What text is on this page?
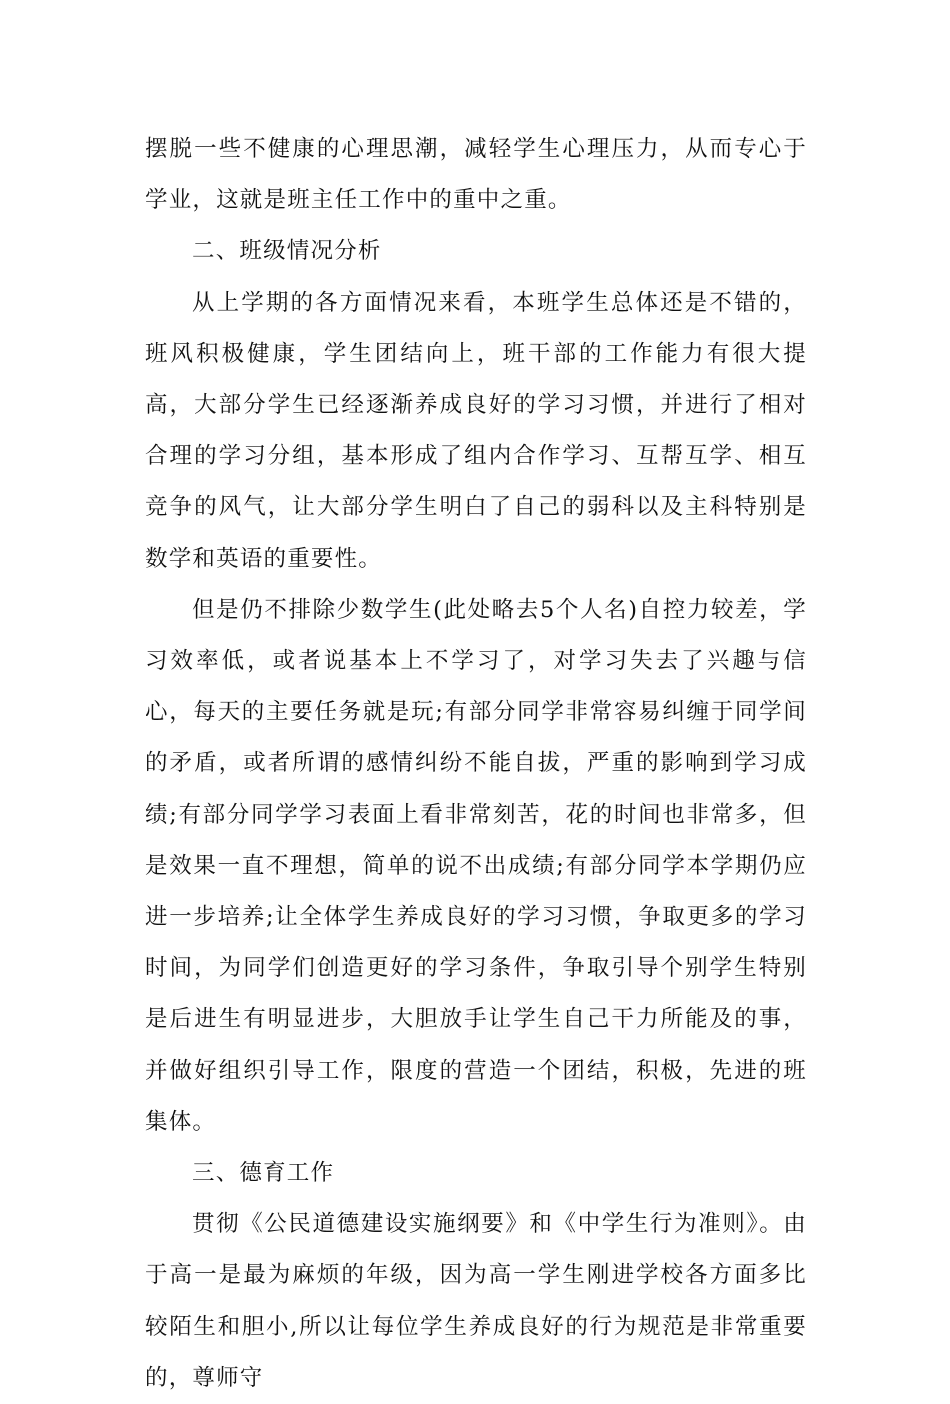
摆脱一些不健康的心理思潮，减轻学生心理压力，从而专心于学业，这就是班主任工作中的重中之重。

二、班级情况分析

从上学期的各方面情况来看，本班学生总体还是不错的，班风积极健康，学生团结向上，班干部的工作能力有很大提高，大部分学生已经逐渐养成良好的学习习惯，并进行了相对合理的学习分组，基本形成了组内合作学习、互帮互学、相互竞争的风气，让大部分学生明白了自己的弱科以及主科特别是数学和英语的重要性。

但是仍不排除少数学生(此处略去5个人名)自控力较差，学习效率低，或者说基本上不学习了，对学习失去了兴趣与信心，每天的主要任务就是玩;有部分同学非常容易纠缠于同学间的矛盾，或者所谓的感情纠纷不能自拔，严重的影响到学习成绩;有部分同学学习表面上看非常刻苦，花的时间也非常多，但是效果一直不理想，简单的说不出成绩;有部分同学本学期仍应进一步培养;让全体学生养成良好的学习习惯，争取更多的学习时间，为同学们创造更好的学习条件，争取引导个别学生特别是后进生有明显进步，大胆放手让学生自己干力所能及的事，并做好组织引导工作，限度的营造一个团结，积极，先进的班集体。

三、德育工作

贯彻《公民道德建设实施纲要》和《中学生行为准则》。由于高一是最为麻烦的年级，因为高一学生刚进学校各方面多比较陌生和胆小,所以让每位学生养成良好的行为规范是非常重要的，尊师守
